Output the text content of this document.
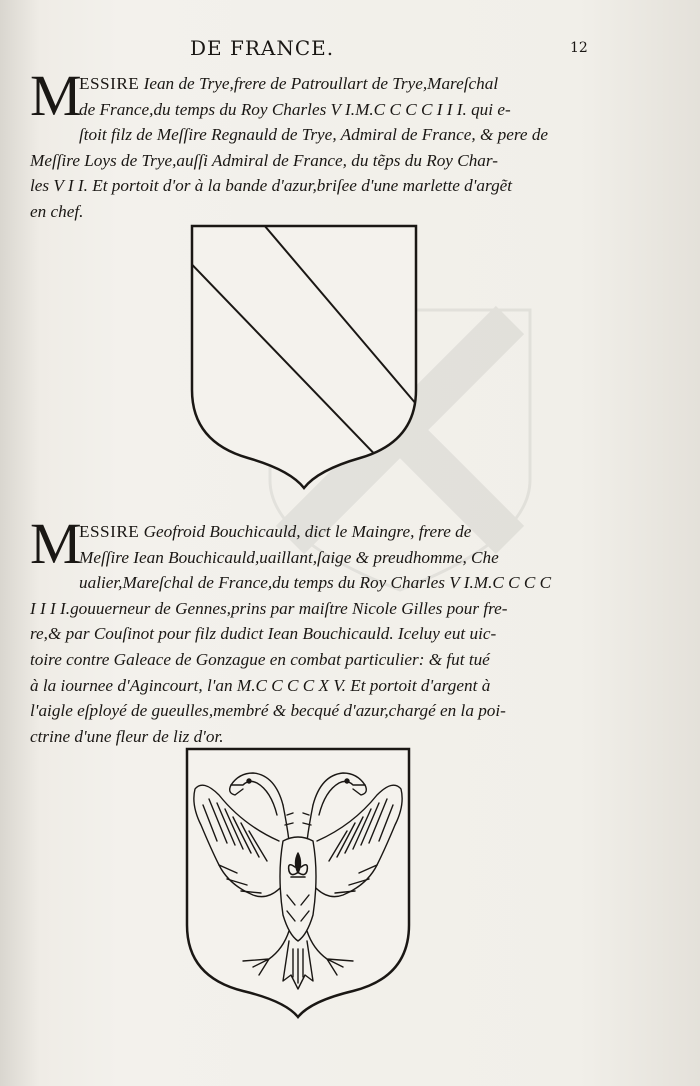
DE FRANCE.	12
M
ESSIRE Iean de Trye,frere de Patroullart de Trye,Mareſchal
de France,du temps du Roy Charles V I.M.C C C C I I I. qui e-
ſtoit filz de Meſſire Regnauld de Trye, Admiral de France, & pere de
Meſſire Loys de Trye,auſſi Admiral de France, du tẽps du Roy Char-
les V I I. Et portoit d'or à la bande d'azur,briſee d'une marlette d'argẽt
en chef.
M
ESSIRE Geofroid Bouchicauld, dict le Maingre, frere de
Meſſire Iean Bouchicauld,uaillant,ſaige & preudhomme, Che
ualier,Mareſchal de France,du temps du Roy Charles V I.M.C C C C
I I I I.gouuerneur de Gennes,prins par maiſtre Nicole Gilles pour fre-
re,& par Couſinot pour filz dudict Iean Bouchicauld. Iceluy eut uic-
toire contre Galeace de Gonzague en combat particulier: & fut tué
à la iournee d'Agincourt, l'an M.C C C C X V. Et portoit d'argent à
l'aigle eſployé de gueulles,membré & becqué d'azur,chargé en la poi-
ctrine d'une fleur de liz d'or.
